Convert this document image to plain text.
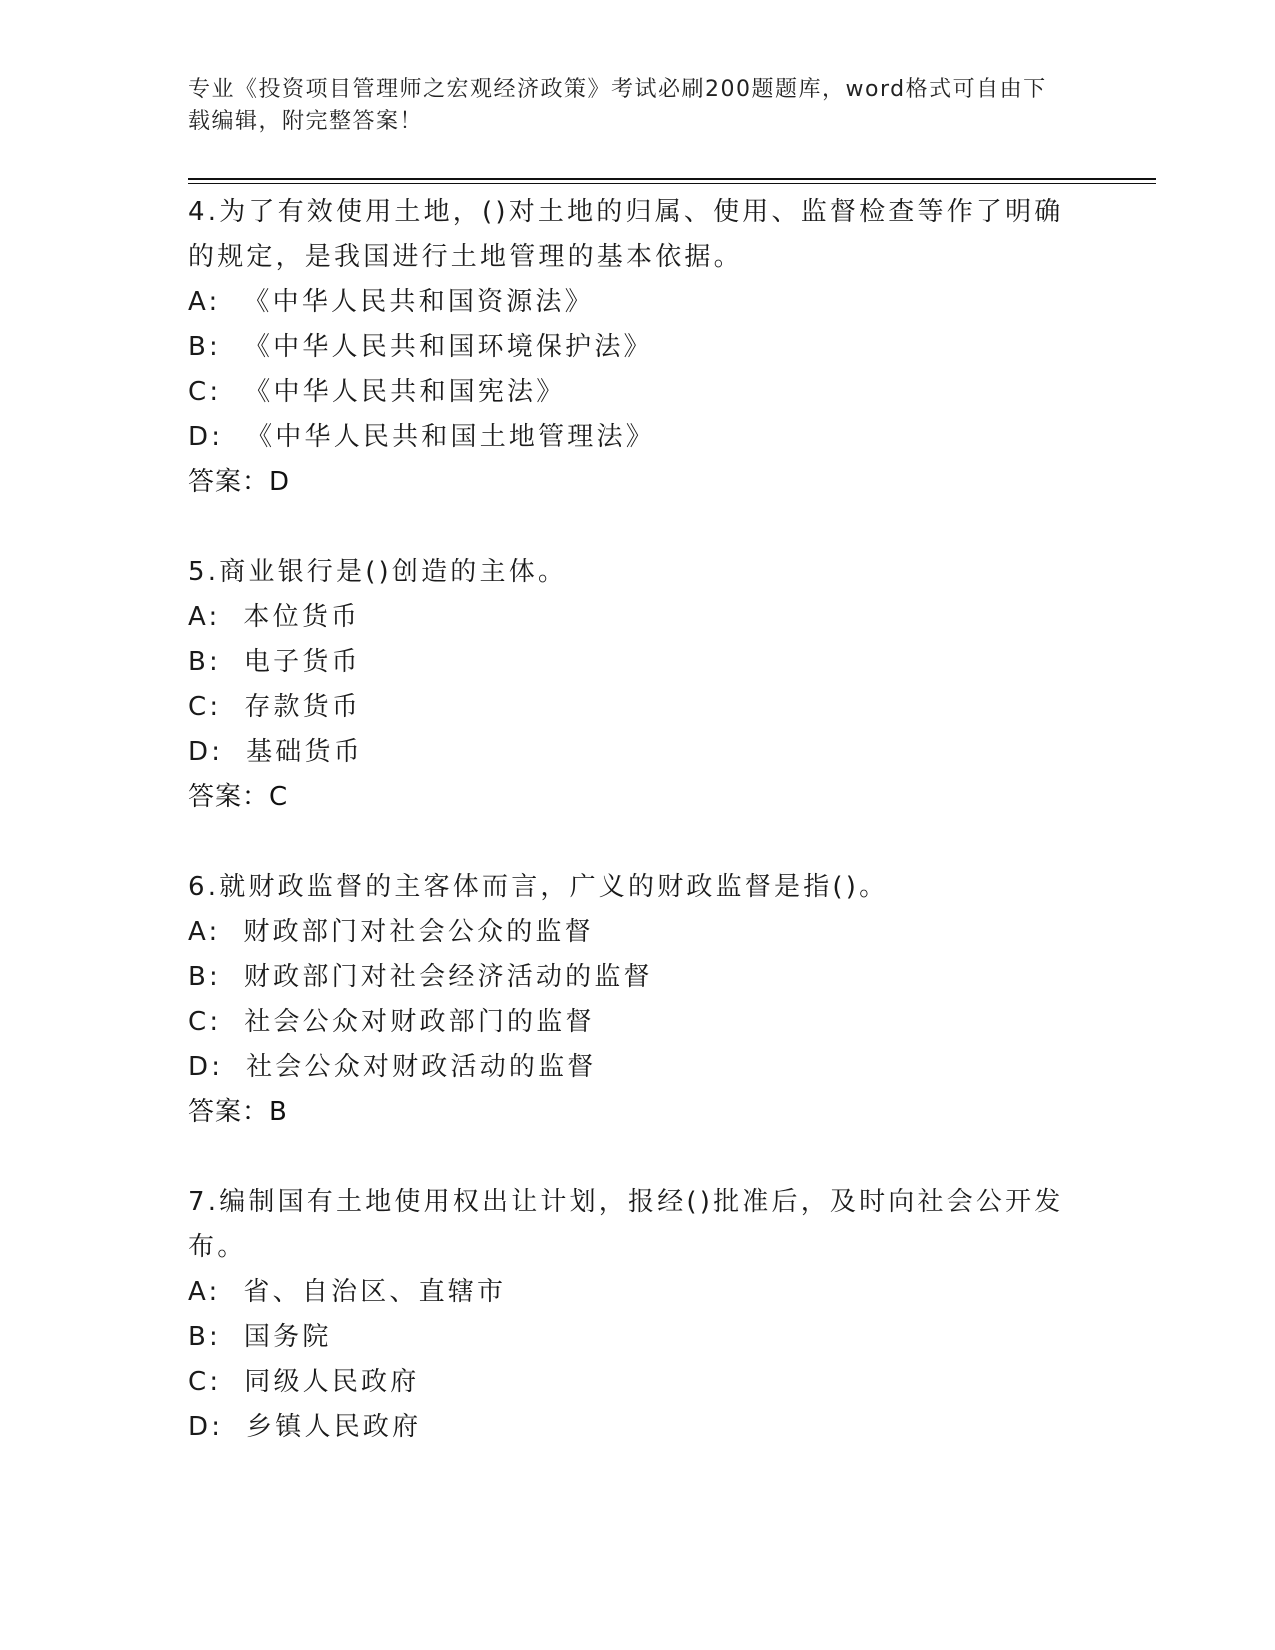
专业《投资项目管理师之宏观经济政策》考试必刷200题题库，word格式可自由下载编辑，附完整答案！
4.为了有效使用土地，()对土地的归属、使用、监督检查等作了明确的规定，是我国进行土地管理的基本依据。
A:  《中华人民共和国资源法》
B:  《中华人民共和国环境保护法》
C:  《中华人民共和国宪法》
D:  《中华人民共和国土地管理法》
答案：D
5.商业银行是()创造的主体。
A:  本位货币
B:  电子货币
C:  存款货币
D:  基础货币
答案：C
6.就财政监督的主客体而言，广义的财政监督是指()。
A:  财政部门对社会公众的监督
B:  财政部门对社会经济活动的监督
C:  社会公众对财政部门的监督
D:  社会公众对财政活动的监督
答案：B
7.编制国有土地使用权出让计划，报经()批准后，及时向社会公开发布。
A:  省、自治区、直辖市
B:  国务院
C:  同级人民政府
D:  乡镇人民政府
